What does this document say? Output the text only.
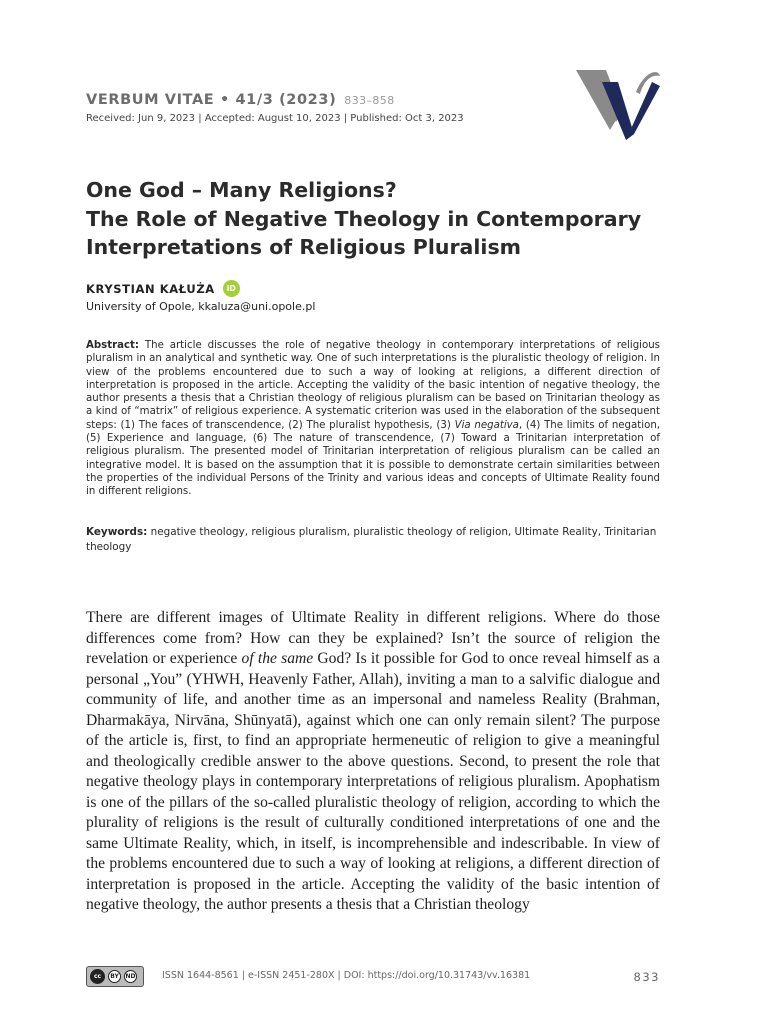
VERBUM VITAE • 41/3 (2023) 833–858
Received: Jun 9, 2023 | Accepted: August 10, 2023 | Published: Oct 3, 2023
One God – Many Religions?
The Role of Negative Theology in Contemporary
Interpretations of Religious Pluralism
KRYSTIAN KAŁUŻA	iD
University of Opole, kkaluza@uni.opole.pl
Abstract: The article discusses the role of negative theology in contemporary interpretations of religious pluralism in an analytical and synthetic way. One of such interpretations is the pluralistic theology of religion. In view of the problems encountered due to such a way of looking at religions, a different direction of interpretation is proposed in the article. Accepting the validity of the basic intention of negative theology, the author presents a thesis that a Christian theology of religious pluralism can be based on Trinitarian theology as a kind of “matrix” of religious experience. A systematic criterion was used in the elaboration of the subsequent steps: (1) The faces of transcendence, (2) The pluralist hypothesis, (3) Via negativa, (4) The limits of negation, (5) Experience and language, (6) The nature of transcendence, (7) Toward a Trinitarian interpretation of religious pluralism. The presented model of Trinitarian interpretation of religious pluralism can be called an integrative model. It is based on the assumption that it is possible to demonstrate certain similarities between the properties of the individual Persons of the Trinity and various ideas and concepts of Ultimate Reality found in different religions.
Keywords: negative theology, religious pluralism, pluralistic theology of religion, Ultimate Reality, Trinitarian theology
There are different images of Ultimate Reality in different religions. Where do those differences come from? How can they be explained? Isn’t the source of religion the revelation or experience of the same God? Is it possible for God to once reveal himself as a personal „You” (YHWH, Heavenly Father, Allah), inviting a man to a salvific dialogue and community of life, and another time as an impersonal and nameless Reality (Brahman, Dharmakāya, Nirvāna, Shūnyatā), against which one can only remain silent? The purpose of the article is, first, to find an appropriate hermeneutic of religion to give a meaningful and theologically credible answer to the above questions. Second, to present the role that negative theology plays in contemporary interpretations of religious pluralism. Apophatism is one of the pillars of the so-called pluralistic theology of religion, according to which the plurality of religions is the result of culturally conditioned interpretations of one and the same Ultimate Reality, which, in itself, is incomprehensible and indescribable. In view of the problems encountered due to such a way of looking at religions, a different direction of interpretation is proposed in the article. Accepting the validity of the basic intention of negative theology, the author presents a thesis that a Christian theology
cc	BY	ND	ISSN 1644-8561 | e-ISSN 2451-280X | DOI: https://doi.org/10.31743/vv.16381	833
